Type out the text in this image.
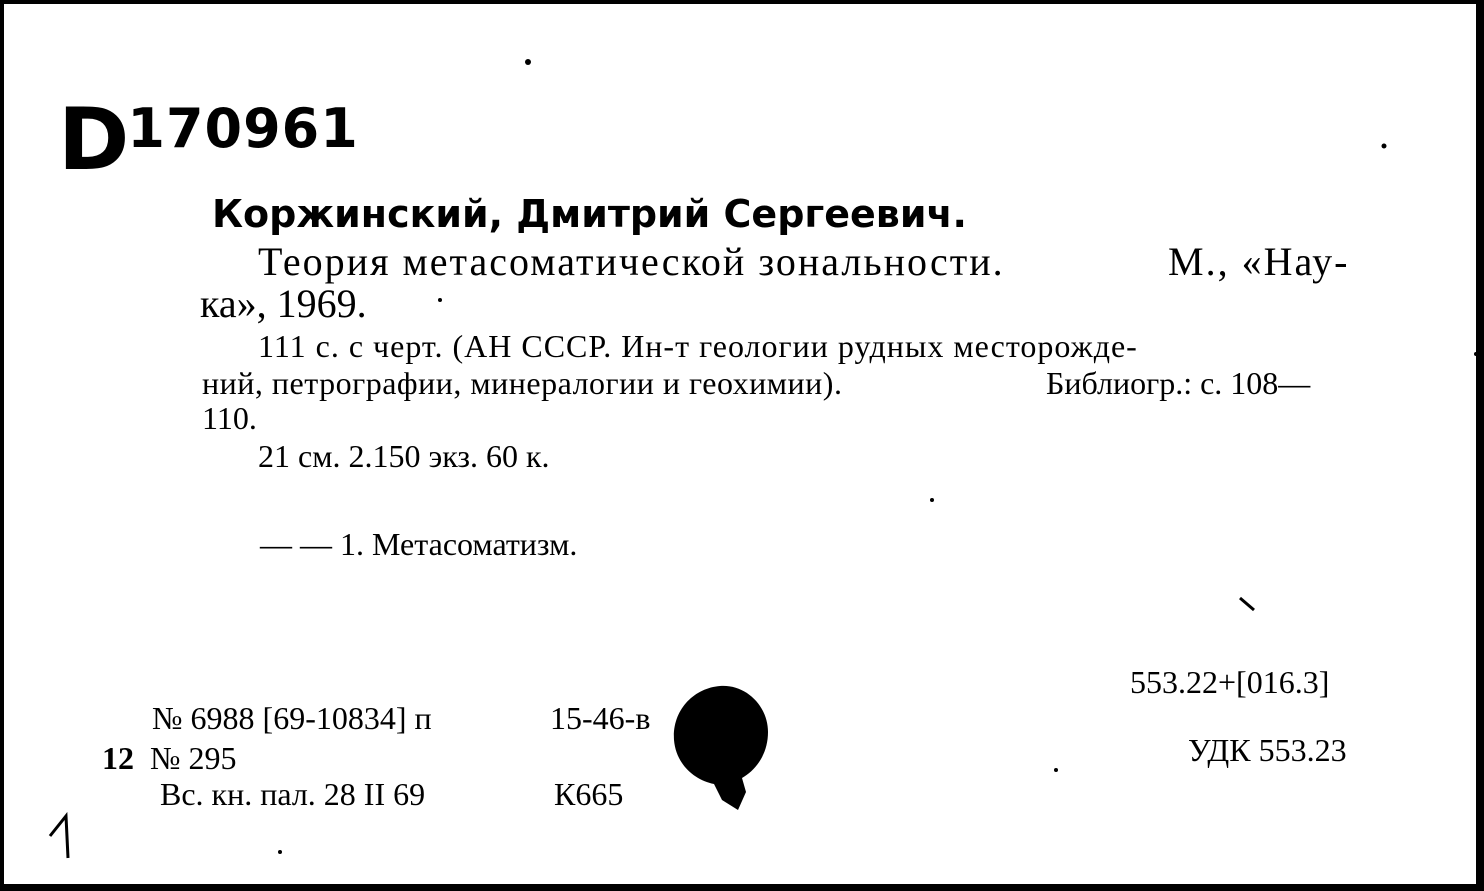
D170961

Коржинский, Дмитрий Сергеевич.

Теория метасоматической зональности.	М., «Нау-

ка», 1969.

111 с. с черт. (АН СССР. Ин-т геологии рудных месторожде-

ний, петрографии, минералогии и геохимии).	Библиогр.: с. 108—

110.

21 см. 2.150 экз. 60 к.

— — 1. Метасоматизм.

№ 6988 [69-10834] п	15-46-в

12 № 295

Вс. кн. пал. 28 II 69	К665

553.22+[016.3]

УДК 553.23
